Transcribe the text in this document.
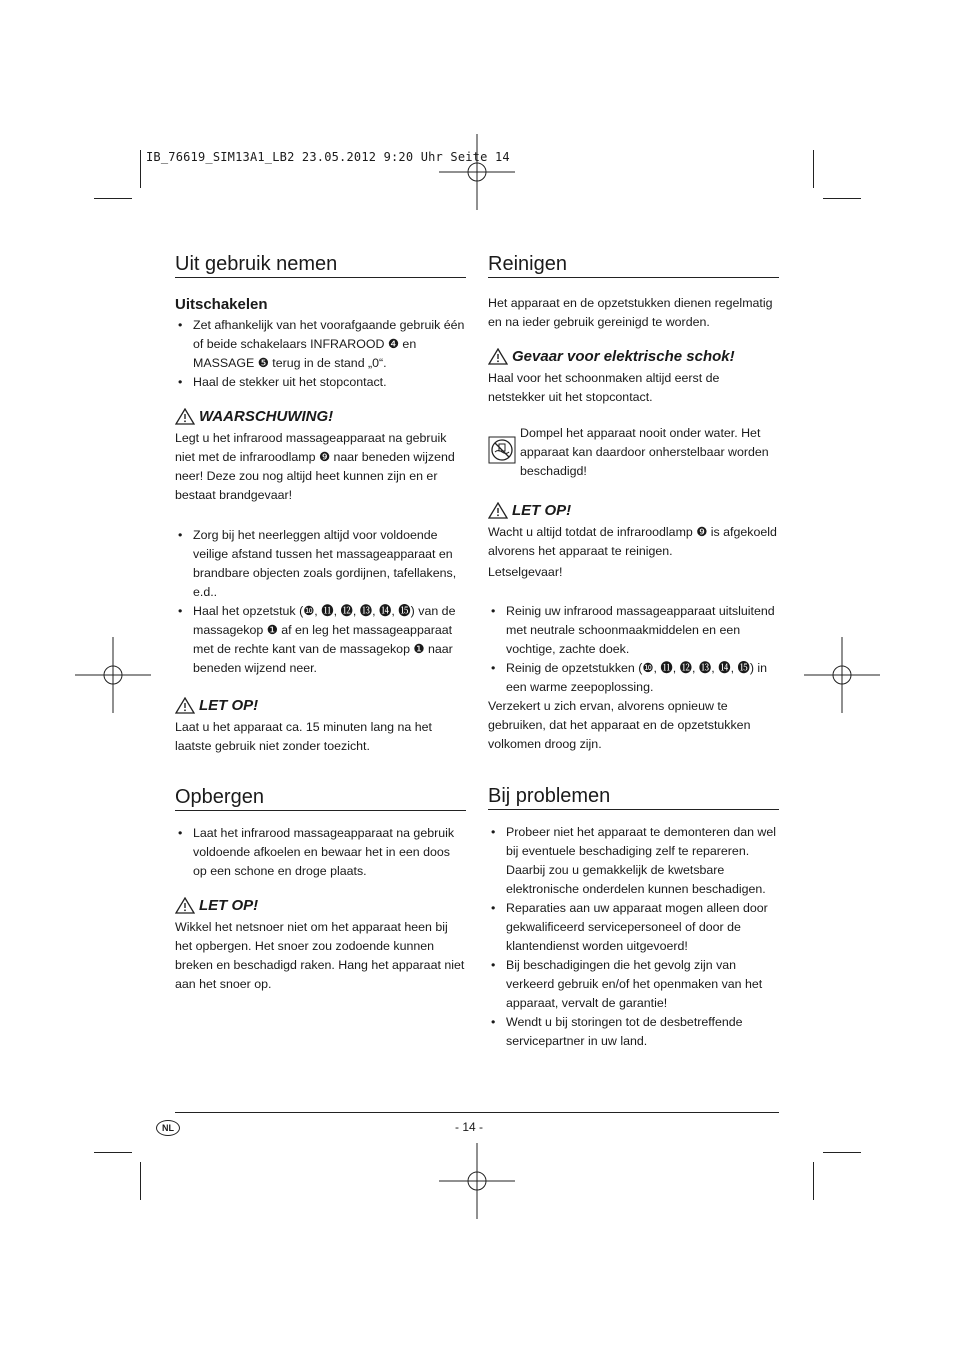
IB_76619_SIM13A1_LB2 23.05.2012 9:20 Uhr Seite 14
Uit gebruik nemen
Uitschakelen
• Zet afhankelijk van het voorafgaande gebruik één of beide schakelaars INFRAROOD ❹ en MASSAGE ❺ terug in de stand „0“.
• Haal de stekker uit het stopcontact.
WAARSCHUWING!

Legt u het infrarood massageapparaat na gebruik niet met de infraroodlamp ❾ naar beneden wijzend neer! Deze zou nog altijd heet kunnen zijn en er bestaat brandgevaar!

• Zorg bij het neerleggen altijd voor voldoende veilige afstand tussen het massageapparaat en brandbare objecten zoals gordijnen, tafellakens, e.d..
• Haal het opzetstuk (❿, ⓫, ⓬, ⓭, ⓮, ⓯) van de massagekop ❶ af en leg het massageapparaat met de rechte kant van de massagekop ❶ naar beneden wijzend neer.
LET OP!

Laat u het apparaat ca. 15 minuten lang na het laatste gebruik niet zonder toezicht.

Opbergen
• Laat het infrarood massageapparaat na gebruik voldoende afkoelen en bewaar het in een doos op een schone en droge plaats.
LET OP!

Wikkel het netsnoer niet om het apparaat heen bij het opbergen. Het snoer zou zodoende kunnen breken en beschadigd raken. Hang het apparaat niet aan het snoer op.

Reinigen

Het apparaat en de opzetstukken dienen regelmatig en na ieder gebruik gereinigd te worden.

Gevaar voor elektrische schok!

Haal voor het schoonmaken altijd eerst de netstekker uit het stopcontact.

Dompel het apparaat nooit onder water. Het apparaat kan daardoor onherstelbaar worden beschadigd!

LET OP!

Wacht u altijd totdat de infraroodlamp ❾ is afgekoeld alvorens het apparaat te reinigen.

Letselgevaar!

• Reinig uw infrarood massageapparaat uitsluitend met neutrale schoonmaakmiddelen en een vochtige, zachte doek.
• Reinig de opzetstukken (❿, ⓫, ⓬, ⓭, ⓮, ⓯) in een warme zeepoplossing.

Verzekert u zich ervan, alvorens opnieuw te gebruiken, dat het apparaat en de opzetstukken volkomen droog zijn.

Bij problemen
• Probeer niet het apparaat te demonteren dan wel bij eventuele beschadiging zelf te repareren. Daarbij zou u gemakkelijk de kwetsbare elektronische onderdelen kunnen beschadigen.
• Reparaties aan uw apparaat mogen alleen door gekwalificeerd servicepersoneel of door de klantendienst worden uitgevoerd!
• Bij beschadigingen die het gevolg zijn van verkeerd gebruik en/of het openmaken van het apparaat, vervalt de garantie!
• Wendt u bij storingen tot de desbetreffende servicepartner in uw land.
NL	- 14 -
